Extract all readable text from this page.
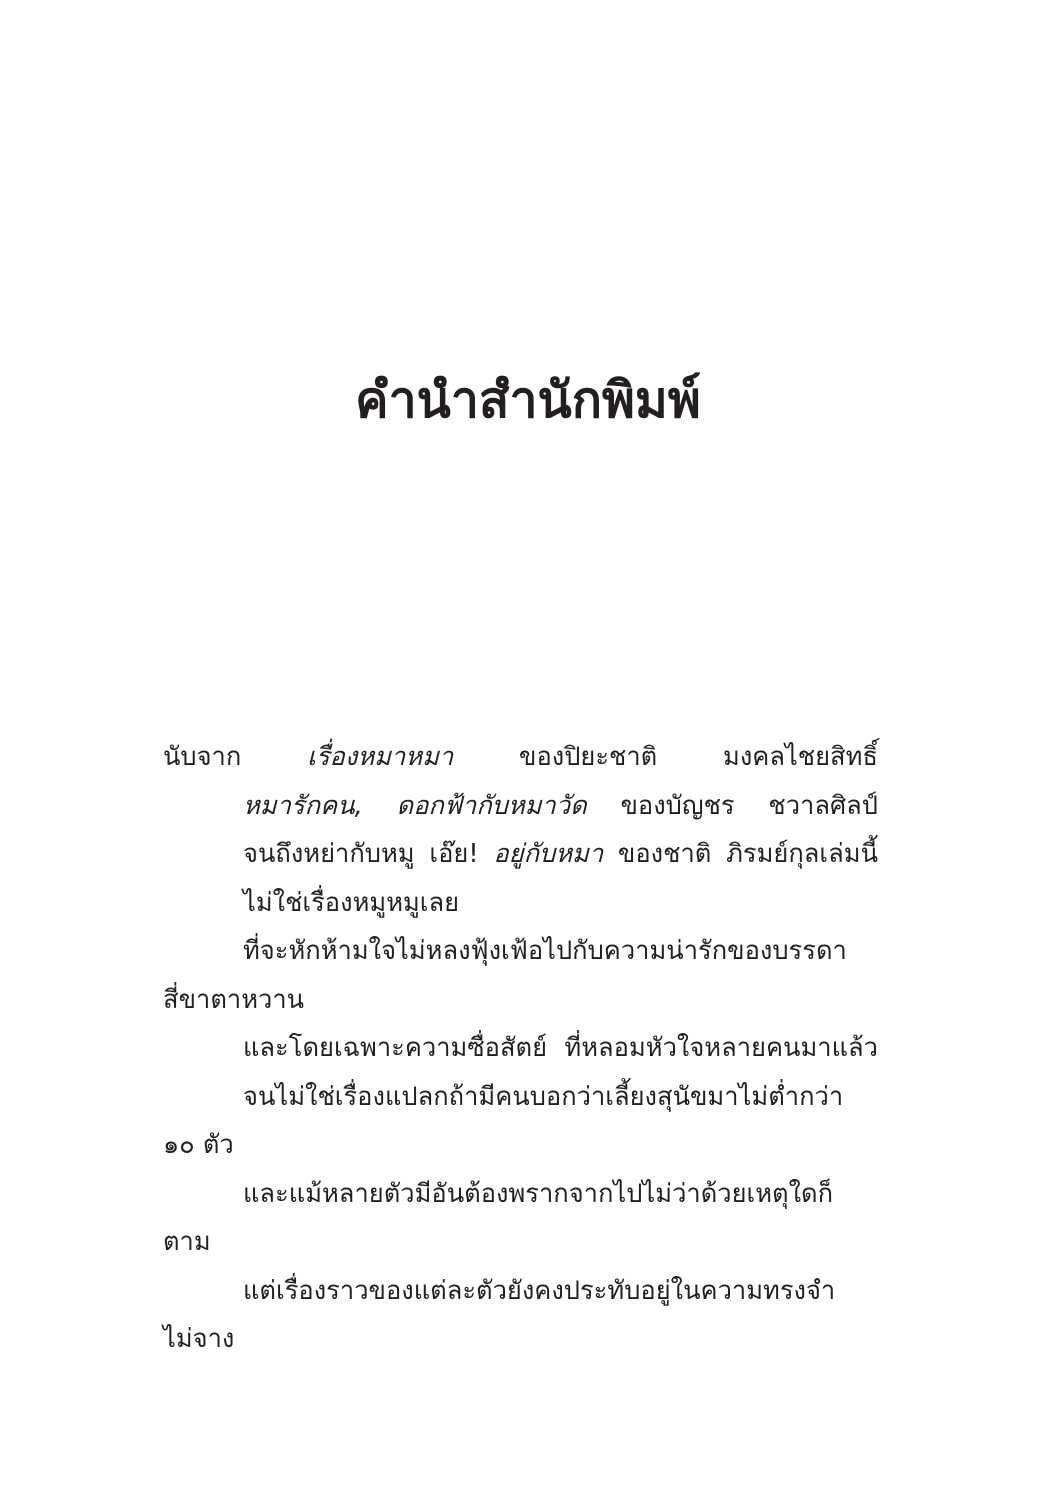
คำนำสำนักพิมพ์
นับจาก เรื่องหมาหมา ของปิยะชาติ มงคลไชยสิทธิ์
หมารักคน, ดอกฟ้ากับหมาวัด ของบัญชร ชวาลศิลป์
จนถึงหย่ากับหมู เอ๊ย! อยู่กับหมา ของชาติ ภิรมย์กุลเล่มนี้
ไม่ใช่เรื่องหมูหมูเลย
ที่จะหักห้ามใจไม่หลงฟุ้งเฟ้อไปกับความน่ารักของบรรดา
สี่ขาตาหวาน
และโดยเฉพาะความซื่อสัตย์ ที่หลอมหัวใจหลายคนมาแล้ว
จนไม่ใช่เรื่องแปลกถ้ามีคนบอกว่าเลี้ยงสุนัขมาไม่ต่ำกว่า
๑๐ ตัว
และแม้หลายตัวมีอันต้องพรากจากไปไม่ว่าด้วยเหตุใดก็
ตาม
แต่เรื่องราวของแต่ละตัวยังคงประทับอยู่ในความทรงจำ
ไม่จาง
